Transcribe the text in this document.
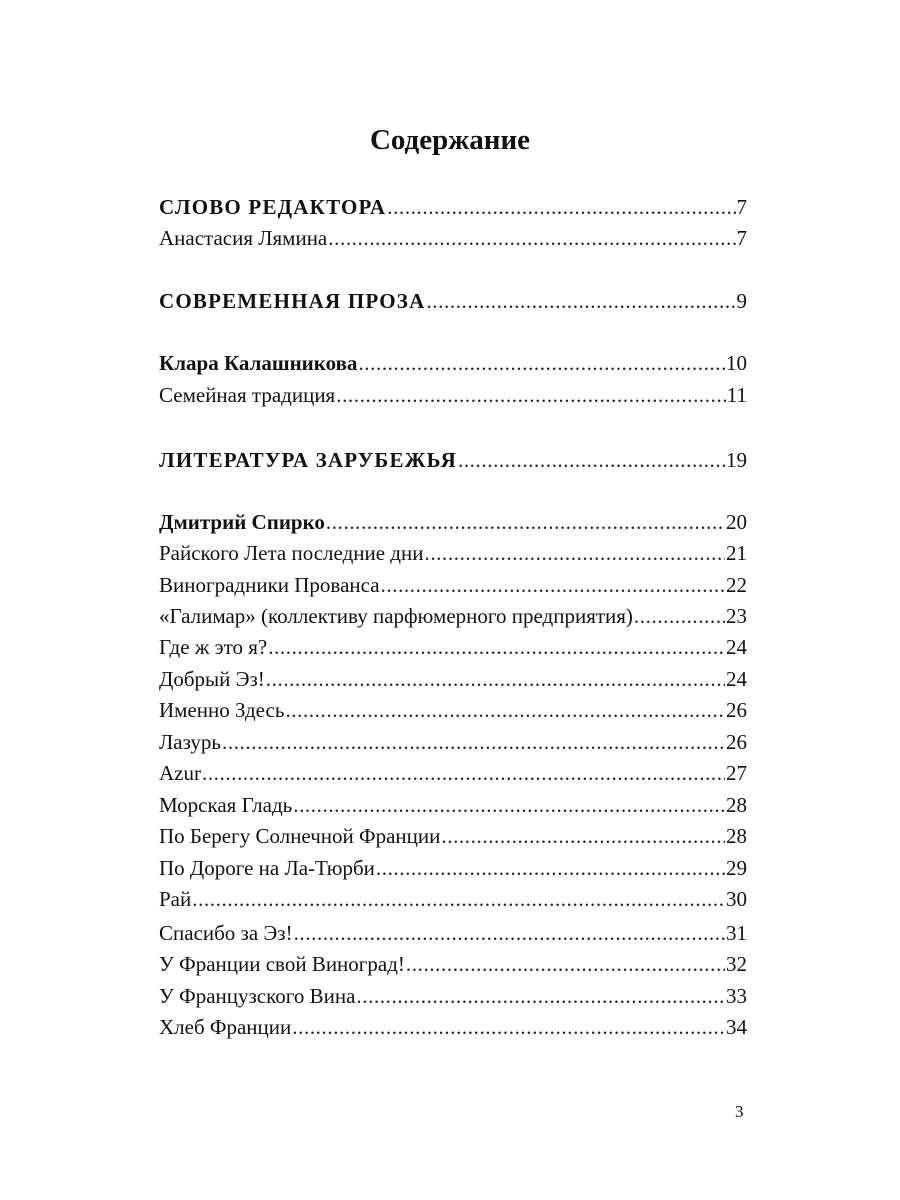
Содержание
СЛОВО РЕДАКТОРА .....	7
Анастасия Лямина .....	7
СОВРЕМЕННАЯ ПРОЗА .....	9
Клара Калашникова .....	10
Семейная традиция .....	11
ЛИТЕРАТУРА ЗАРУБЕЖЬЯ .....	19
Дмитрий Спирко .....	20
Райского Лета последние дни .....	21
Виноградники Прованса .....	22
«Галимар» (коллективу парфюмерного предприятия) .....	23
Где ж это я? .....	24
Добрый Эз! .....	24
Именно Здесь .....	26
Лазурь .....	26
Azur .....	27
Морская Гладь .....	28
По Берегу Солнечной Франции .....	28
По Дороге на Ла-Тюрби .....	29
Рай .....	30
Спасибо за Эз! .....	31
У Франции свой Виноград! .....	32
У Французского Вина .....	33
Хлеб Франции .....	34
3
